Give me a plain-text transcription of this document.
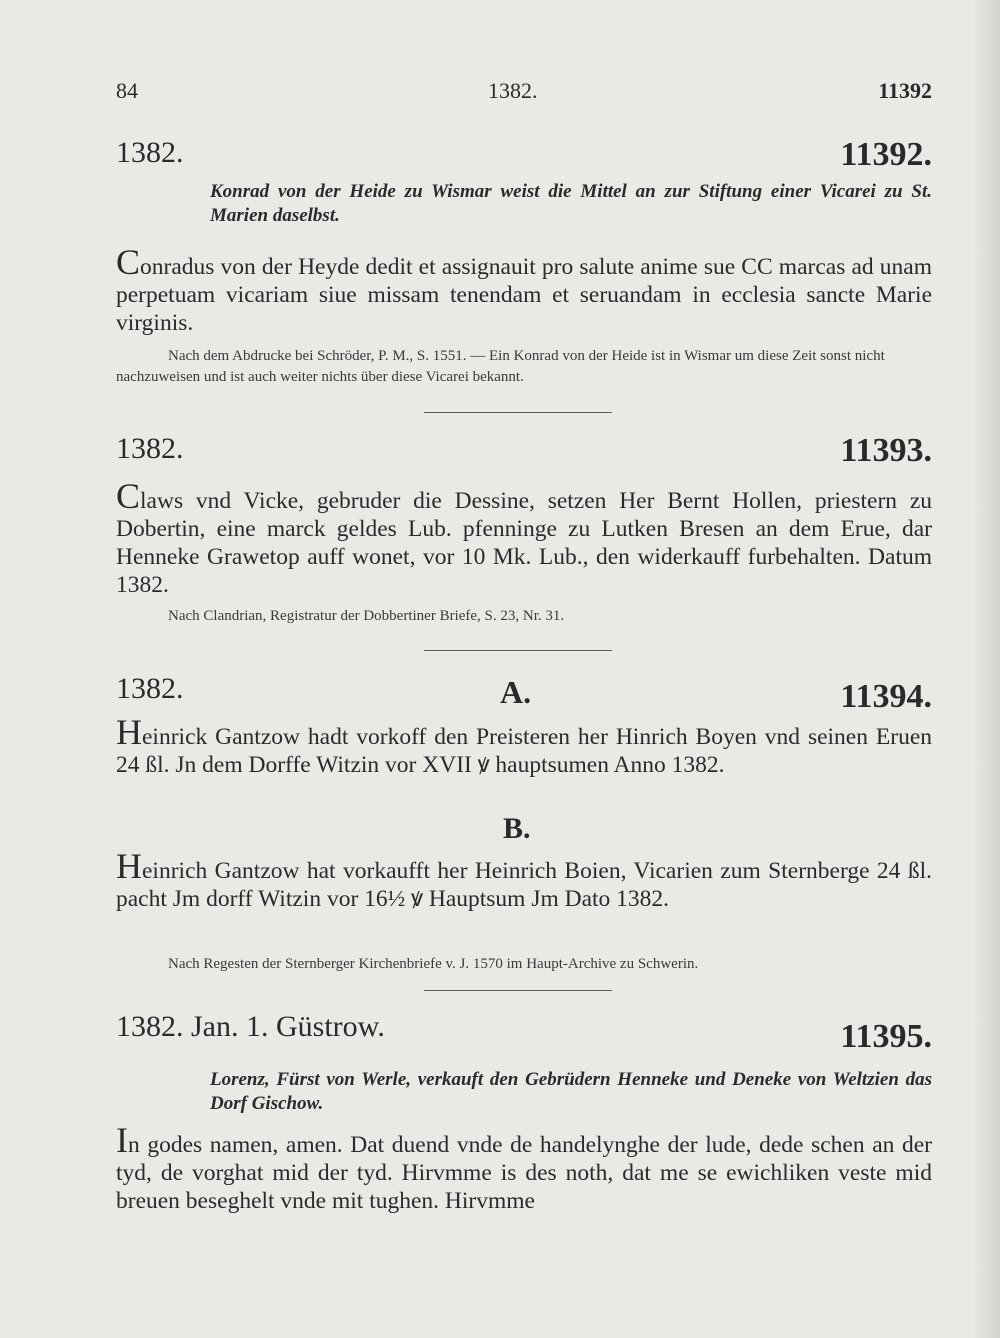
84	1382.	11392
1382.	11392.
Konrad von der Heide zu Wismar weist die Mittel an zur Stiftung einer Vicarei zu St. Marien daselbst.
Conradus von der Heyde dedit et assignauit pro salute anime sue CC marcas ad unam perpetuam vicariam siue missam tenendam et seruandam in ecclesia sancte Marie virginis.
Nach dem Abdrucke bei Schröder, P. M., S. 1551. — Ein Konrad von der Heide ist in Wismar um diese Zeit sonst nicht nachzuweisen und ist auch weiter nichts über diese Vicarei bekannt.
1382.	11393.
Claws vnd Vicke, gebruder die Dessine, setzen Her Bernt Hollen, priestern zu Dobertin, eine marck geldes Lub. pfenninge zu Lutken Bresen an dem Erue, dar Henneke Grawetop auff wonet, vor 10 Mk. Lub., den widerkauff furbehalten. Datum 1382.
Nach Clandrian, Registratur der Dobbertiner Briefe, S. 23, Nr. 31.
1382.	A.	11394.
Heinrick Gantzow hadt vorkoff den Preisteren her Hinrich Boyen vnd seinen Eruen 24 ßl. Jn dem Dorffe Witzin vor XVII ꝟ hauptsumen Anno 1382.
B.
Heinrich Gantzow hat vorkaufft her Heinrich Boien, Vicarien zum Sternberge 24 ßl. pacht Jm dorff Witzin vor 16½ ꝟ Hauptsum Jm Dato 1382.
Nach Regesten der Sternberger Kirchenbriefe v. J. 1570 im Haupt-Archive zu Schwerin.
1382. Jan. 1. Güstrow.	11395.
Lorenz, Fürst von Werle, verkauft den Gebrüdern Henneke und Deneke von Weltzien das Dorf Gischow.
In godes namen, amen. Dat duend vnde de handelynghe der lude, dede schen an der tyd, de vorghat mid der tyd. Hirvmme is des noth, dat me se ewichliken veste mid breuen beseghelt vnde mit tughen. Hirvmme
